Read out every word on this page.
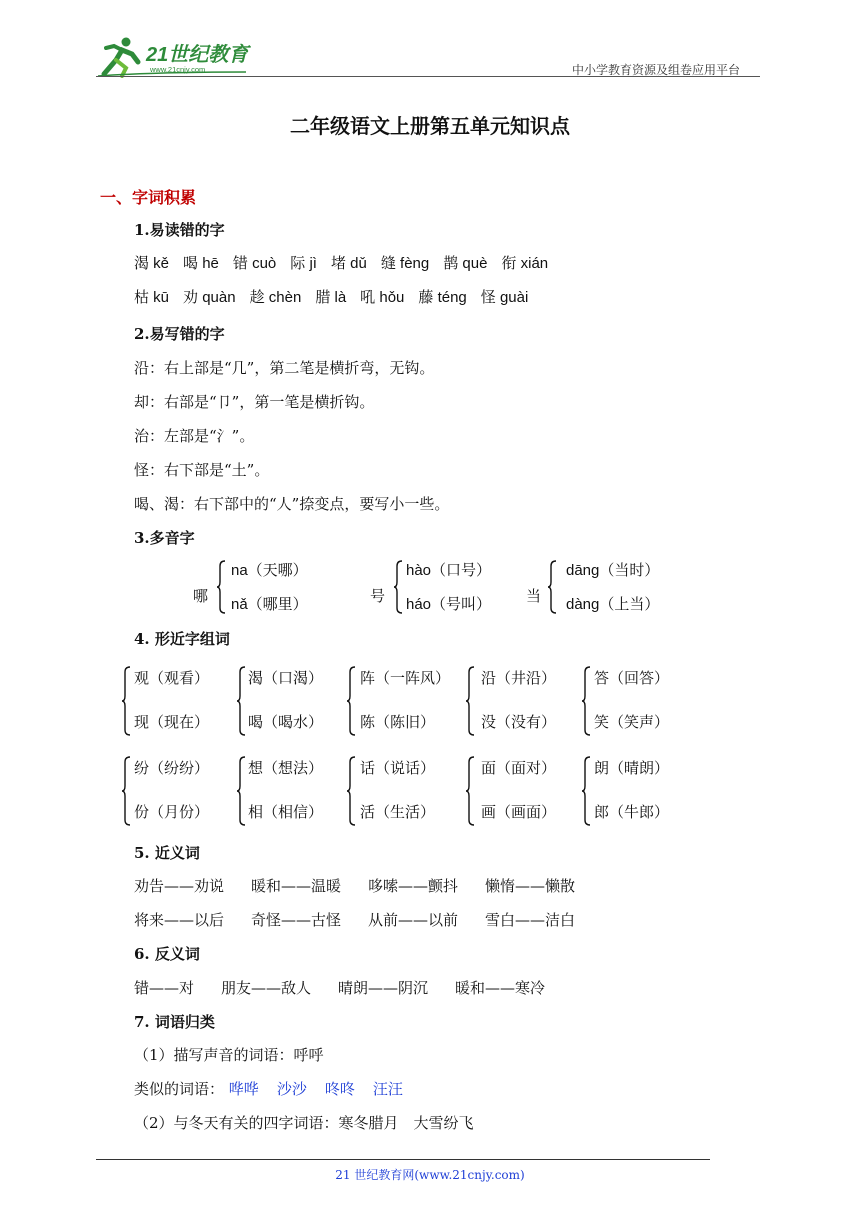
21世纪教育
www.21cnjy.com	中小学教育资源及组卷应用平台
二年级语文上册第五单元知识点
一、字词积累
1.易读错的字
渴 kě 喝 hē 错 cuò 际 jì 堵 dǔ 缝 fèng 鹊 què 衔 xián
枯 kū 劝 quàn 趁 chèn 腊 là 吼 hǒu 藤 téng 怪 guài
2.易写错的字
沿：右上部是“几”，第二笔是横折弯，无钩。
却：右部是“卩”，第一笔是横折钩。
治：左部是“氵”。
怪：右下部是“土”。
喝、渴：右下部中的“人”捺变点，要写小一些。
3.多音字
4. 形近字组词
5. 近义词
劝告——劝说 暖和——温暖 哆嗦——颤抖 懒惰——懒散
将来——以后 奇怪——古怪 从前——以前 雪白——洁白
6. 反义词
错——对 朋友——敌人 晴朗——阴沉 暖和——寒冷
7. 词语归类
（1）描写声音的词语：呼呼
类似的词语： 哗哗 沙沙 咚咚 汪汪
（2）与冬天有关的四字词语：寒冬腊月　大雪纷飞
21 世纪教育网(www.21cnjy.com)
哪
na（天哪）
nǎ（哪里）	号
hào（口号）
háo（号叫） 当
dāng（当时）
dàng（上当）
观（观看）
现（现在）
渴（口渴）
喝（喝水）
阵（一阵风）
陈（陈旧）
沿（井沿）
没（没有）
答（回答）
笑（笑声）
纷（纷纷）
份（月份）
想（想法）
相（相信）
话（说话）
活（生活）
面（面对）
画（画面）
朗（晴朗）
郎（牛郎）
